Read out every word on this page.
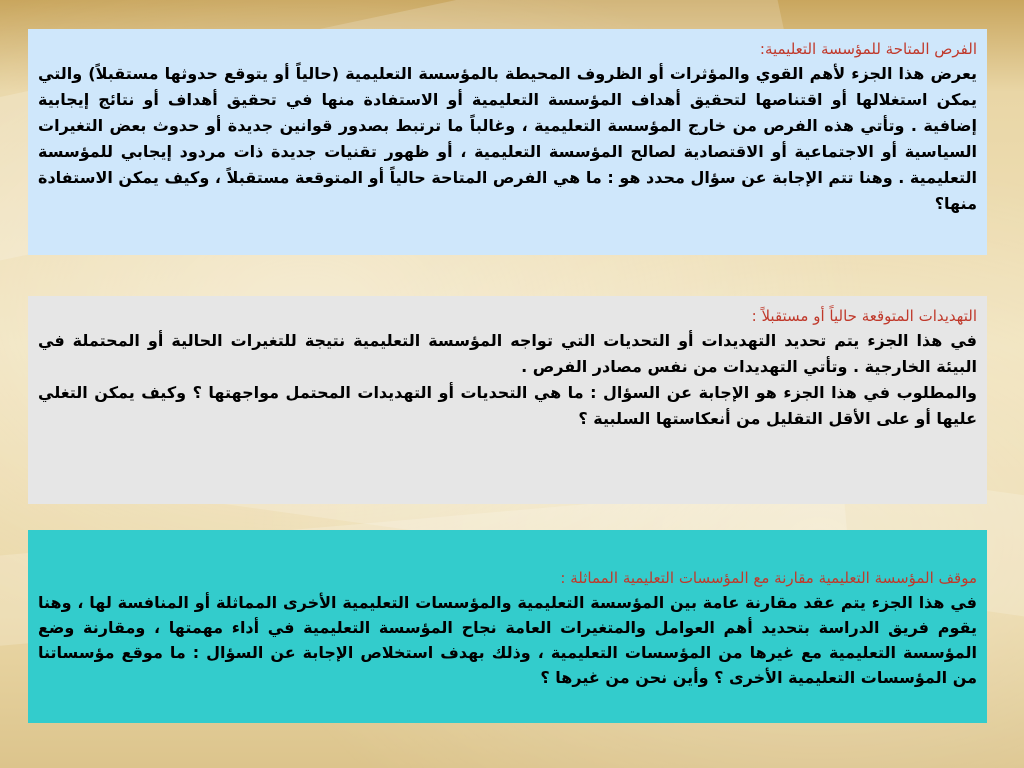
الفرص المتاحة للمؤسسة التعليمية:

يعرض هذا الجزء لأهم القوي والمؤثرات أو الظروف المحيطة بالمؤسسة التعليمية (حالياً أو يتوقع حدوثها مستقبلاً) والتي يمكن استغلالها أو اقتناصها لتحقيق أهداف المؤسسة التعليمية أو الاستفادة منها في تحقيق أهداف أو نتائج إيجابية إضافية . وتأتي هذه الفرص من خارج المؤسسة التعليمية ، وغالباً ما ترتبط بصدور قوانين جديدة أو حدوث بعض التغيرات السياسية أو الاجتماعية أو الاقتصادية لصالح المؤسسة التعليمية ، أو ظهور تقنيات جديدة ذات مردود إيجابي للمؤسسة التعليمية . وهنا تتم الإجابة عن سؤال محدد هو : ما هي الفرص المتاحة حالياً أو المتوقعة مستقبلاً ، وكيف يمكن الاستفادة منها؟

التهديدات المتوقعة حالياً أو مستقبلاً :

في هذا الجزء يتم تحديد التهديدات أو التحديات التي تواجه المؤسسة التعليمية نتيجة للتغيرات الحالية أو المحتملة في البيئة الخارجية . وتأتي التهديدات من نفس مصادر الفرص .

والمطلوب في هذا الجزء هو الإجابة عن السؤال : ما هي التحديات أو التهديدات المحتمل مواجهتها ؟ وكيف يمكن التغلي عليها أو على الأقل التقليل من أنعكاستها السلبية ؟

موقف المؤسسة التعليمية مقارنة مع المؤسسات التعليمية المماثلة :

في هذا الجزء يتم عقد مقارنة عامة بين المؤسسة التعليمية والمؤسسات التعليمية الأخرى المماثلة أو المنافسة لها ، وهنا يقوم فريق الدراسة بتحديد أهم العوامل والمتغيرات العامة نجاح المؤسسة التعليمية في أداء مهمتها ، ومقارنة وضع المؤسسة التعليمية مع غيرها من المؤسسات التعليمية ، وذلك بهدف استخلاص الإجابة عن السؤال : ما موقع مؤسساتنا من المؤسسات التعليمية الأخرى ؟ وأين نحن من غيرها ؟
